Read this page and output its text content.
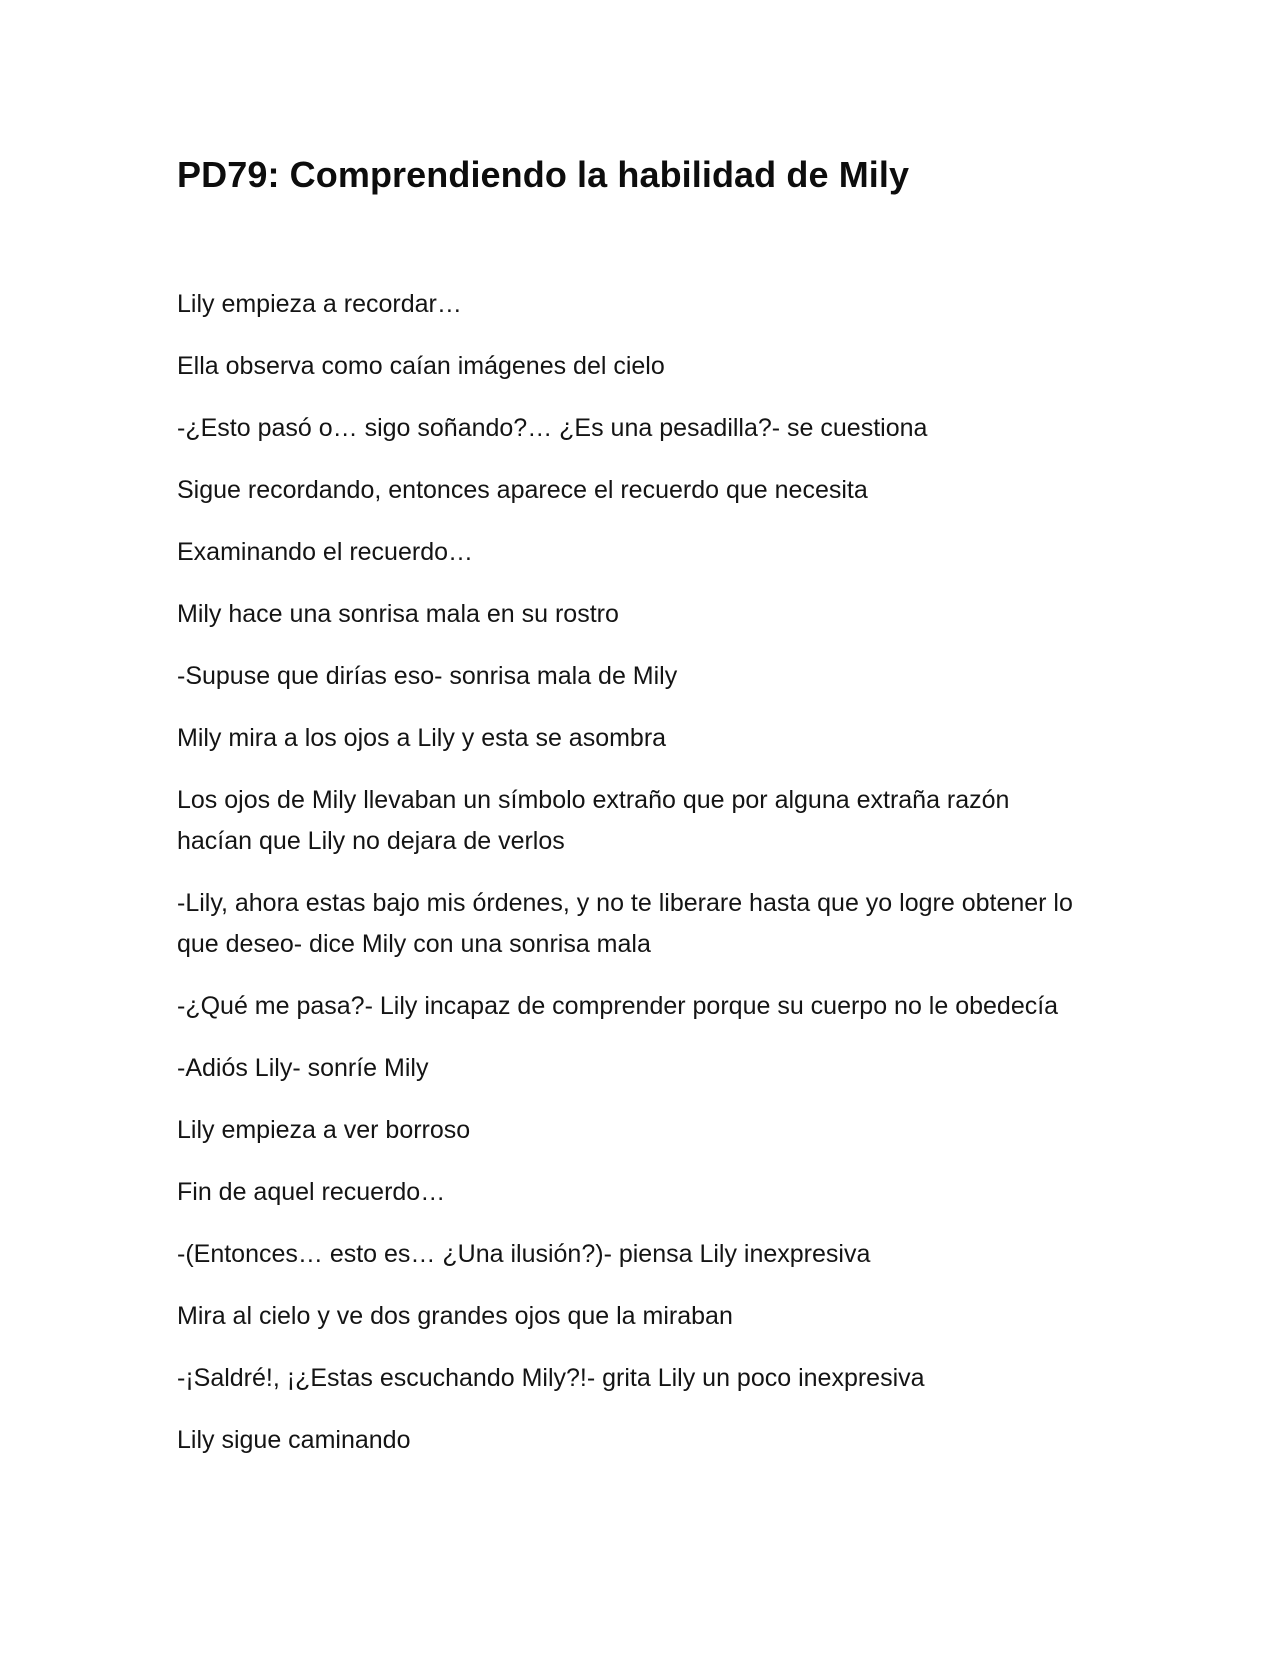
PD79: Comprendiendo la habilidad de Mily

Lily empieza a recordar…

Ella observa como caían imágenes del cielo

-¿Esto pasó o… sigo soñando?… ¿Es una pesadilla?- se cuestiona

Sigue recordando, entonces aparece el recuerdo que necesita

Examinando el recuerdo…

Mily hace una sonrisa mala en su rostro

-Supuse que dirías eso- sonrisa mala de Mily

Mily mira a los ojos a Lily y esta se asombra

Los ojos de Mily llevaban un símbolo extraño que por alguna extraña razón hacían que Lily no dejara de verlos

-Lily, ahora estas bajo mis órdenes, y no te liberare hasta que yo logre obtener lo que deseo- dice Mily con una sonrisa mala

-¿Qué me pasa?- Lily incapaz de comprender porque su cuerpo no le obedecía

-Adiós Lily- sonríe Mily

Lily empieza a ver borroso

Fin de aquel recuerdo…

-(Entonces… esto es… ¿Una ilusión?)- piensa Lily inexpresiva

Mira al cielo y ve dos grandes ojos que la miraban

-¡Saldré!, ¡¿Estas escuchando Mily?!- grita Lily un poco inexpresiva

Lily sigue caminando
